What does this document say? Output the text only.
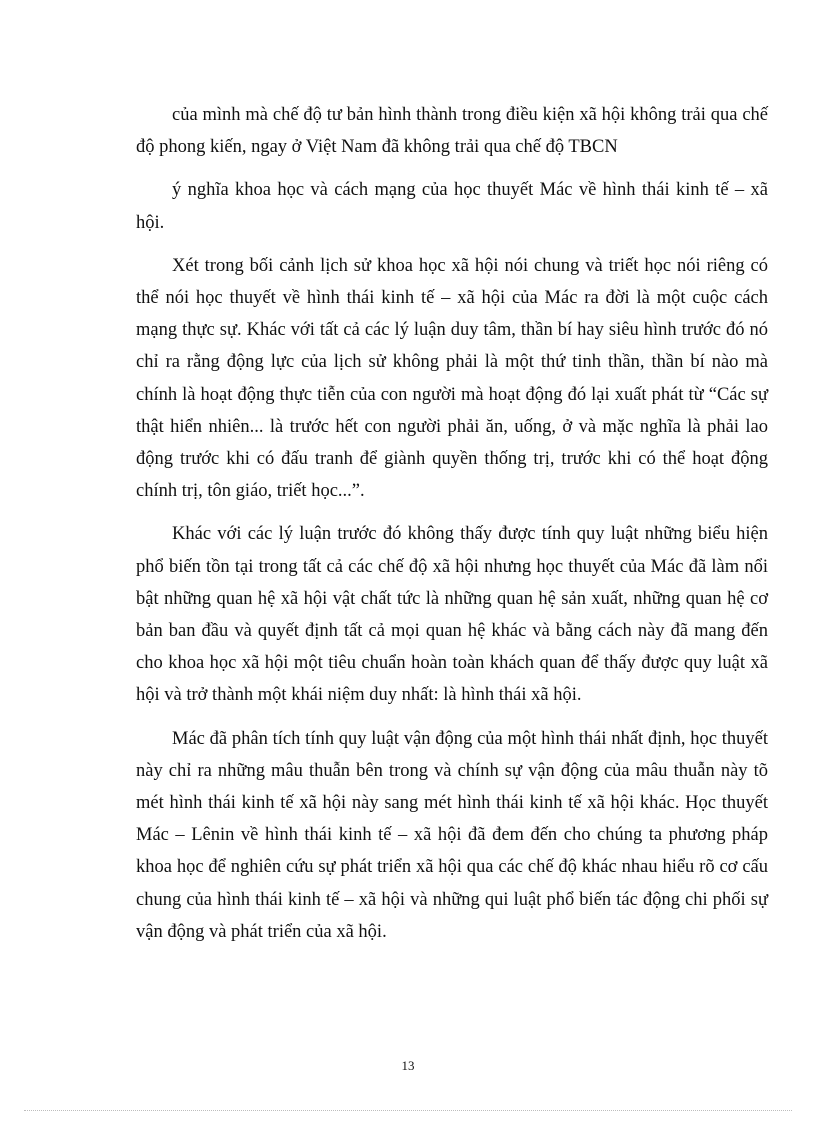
của mình mà chế độ tư bản hình thành trong điều kiện xã hội không trải qua chế độ phong kiến, ngay ở Việt Nam đã không trải qua chế độ TBCN

ý nghĩa khoa học và cách mạng của học thuyết Mác về hình thái kinh tế – xã hội.

Xét trong bối cảnh lịch sử khoa học xã hội nói chung và triết học nói riêng có thể nói học thuyết về hình thái kinh tế – xã hội của Mác ra đời là một cuộc cách mạng thực sự. Khác với tất cả các lý luận duy tâm, thần bí hay siêu hình trước đó nó chỉ ra rằng động lực của lịch sử không phải là một thứ tinh thần, thần bí nào mà chính là hoạt động thực tiễn của con người mà hoạt động đó lại xuất phát từ “Các sự thật hiển nhiên... là trước hết con người phải ăn, uống, ở và mặc nghĩa là phải lao động trước khi có đấu tranh để giành quyền thống trị, trước khi có thể hoạt động chính trị, tôn giáo, triết học...”.

Khác với các lý luận trước đó không thấy được tính quy luật những biểu hiện phổ biến tồn tại trong tất cả các chế độ xã hội nhưng học thuyết của Mác đã làm nổi bật những quan hệ xã hội vật chất tức là những quan hệ sản xuất, những quan hệ cơ bản ban đầu và quyết định tất cả mọi quan hệ khác và bằng cách này đã mang đến cho khoa học xã hội một tiêu chuẩn hoàn toàn khách quan để thấy được quy luật xã hội và trở thành một khái niệm duy nhất: là hình thái xã hội.

Mác đã phân tích tính quy luật vận động của một hình thái nhất định, học thuyết này chỉ ra những mâu thuẫn bên trong và chính sự vận động của mâu thuẫn này tõ mét hình thái kinh tế xã hội này sang mét hình thái kinh tế xã hội khác. Học thuyết Mác – Lênin về hình thái kinh tế – xã hội đã đem đến cho chúng ta phương pháp khoa học để nghiên cứu sự phát triển xã hội qua các chế độ khác nhau hiểu rõ cơ cấu chung của hình thái kinh tế – xã hội và những qui luật phổ biến tác động chi phối sự vận động và phát triển của xã hội.

13
